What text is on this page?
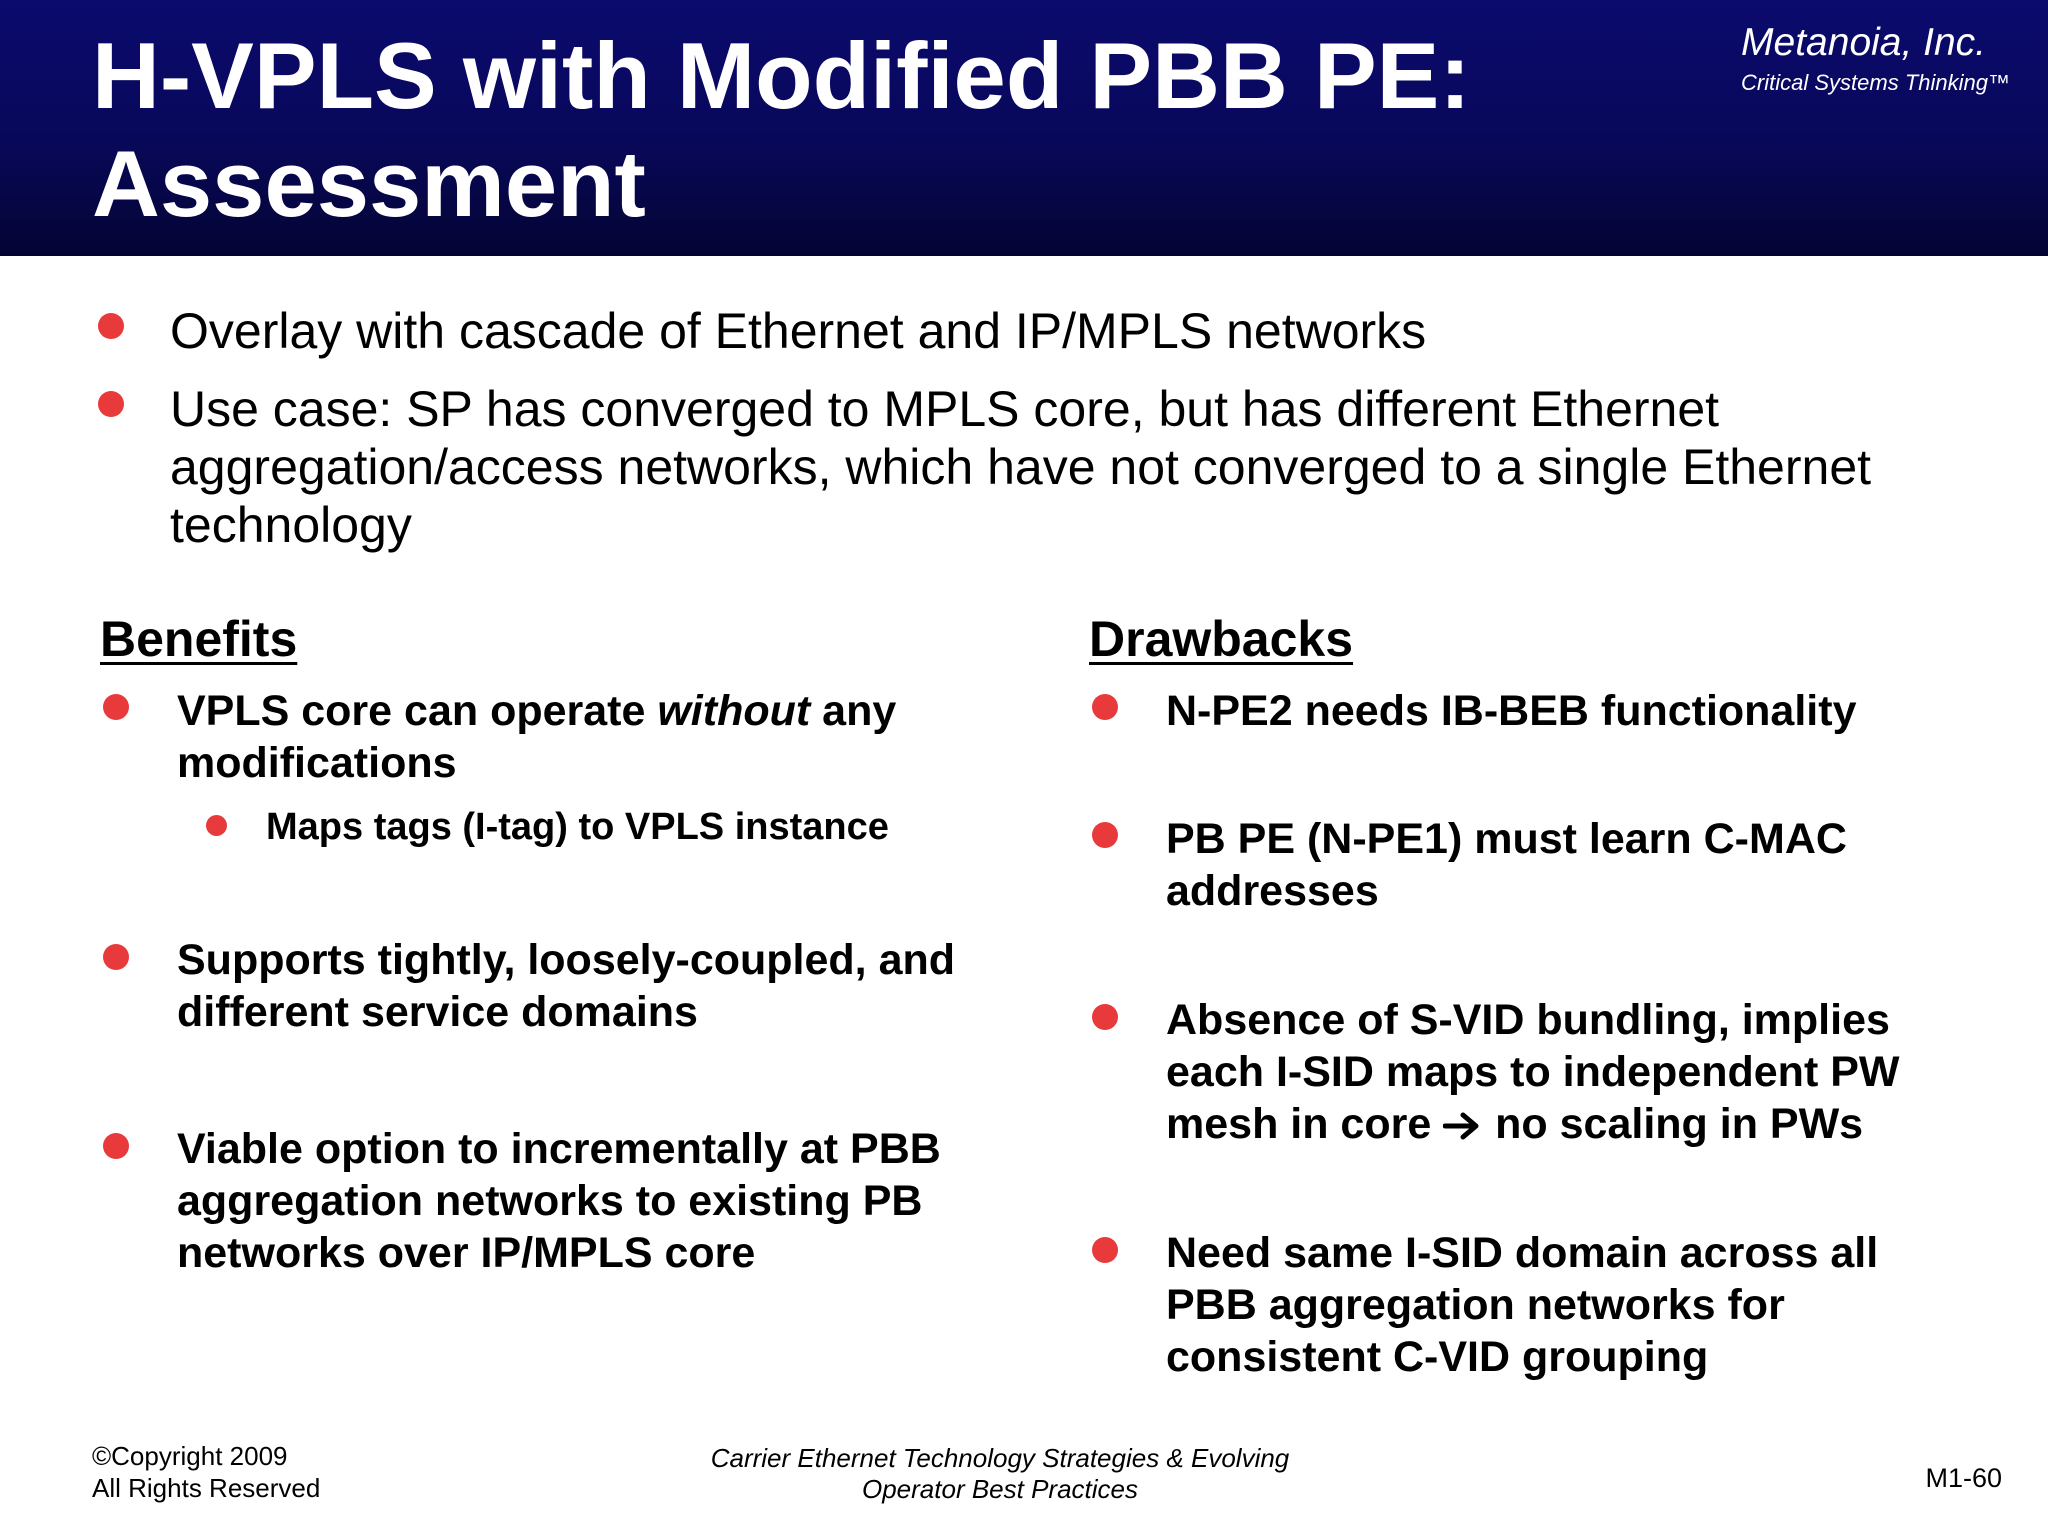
H-VPLS with Modified PBB PE:
Assessment
Metanoia, Inc.
Critical Systems Thinking™
Overlay with cascade of Ethernet and IP/MPLS networks
Use case: SP has converged to MPLS core, but has different Ethernet
aggregation/access networks, which have not converged to a single Ethernet
technology
Benefits
VPLS core can operate without any
modifications
Maps tags (I-tag) to VPLS instance
Supports tightly, loosely-coupled, and
different service domains
Viable option to incrementally at PBB
aggregation networks to existing PB
networks over IP/MPLS core
Drawbacks
N-PE2 needs IB-BEB functionality
PB PE (N-PE1) must learn C-MAC
addresses
Absence of S-VID bundling, implies
each I-SID maps to independent PW
mesh in core  no scaling in PWs
Need same I-SID domain across all
PBB aggregation networks for
consistent C-VID grouping
©Copyright 2009
All Rights Reserved
Carrier Ethernet Technology Strategies & Evolving
Operator Best Practices	M1-60
